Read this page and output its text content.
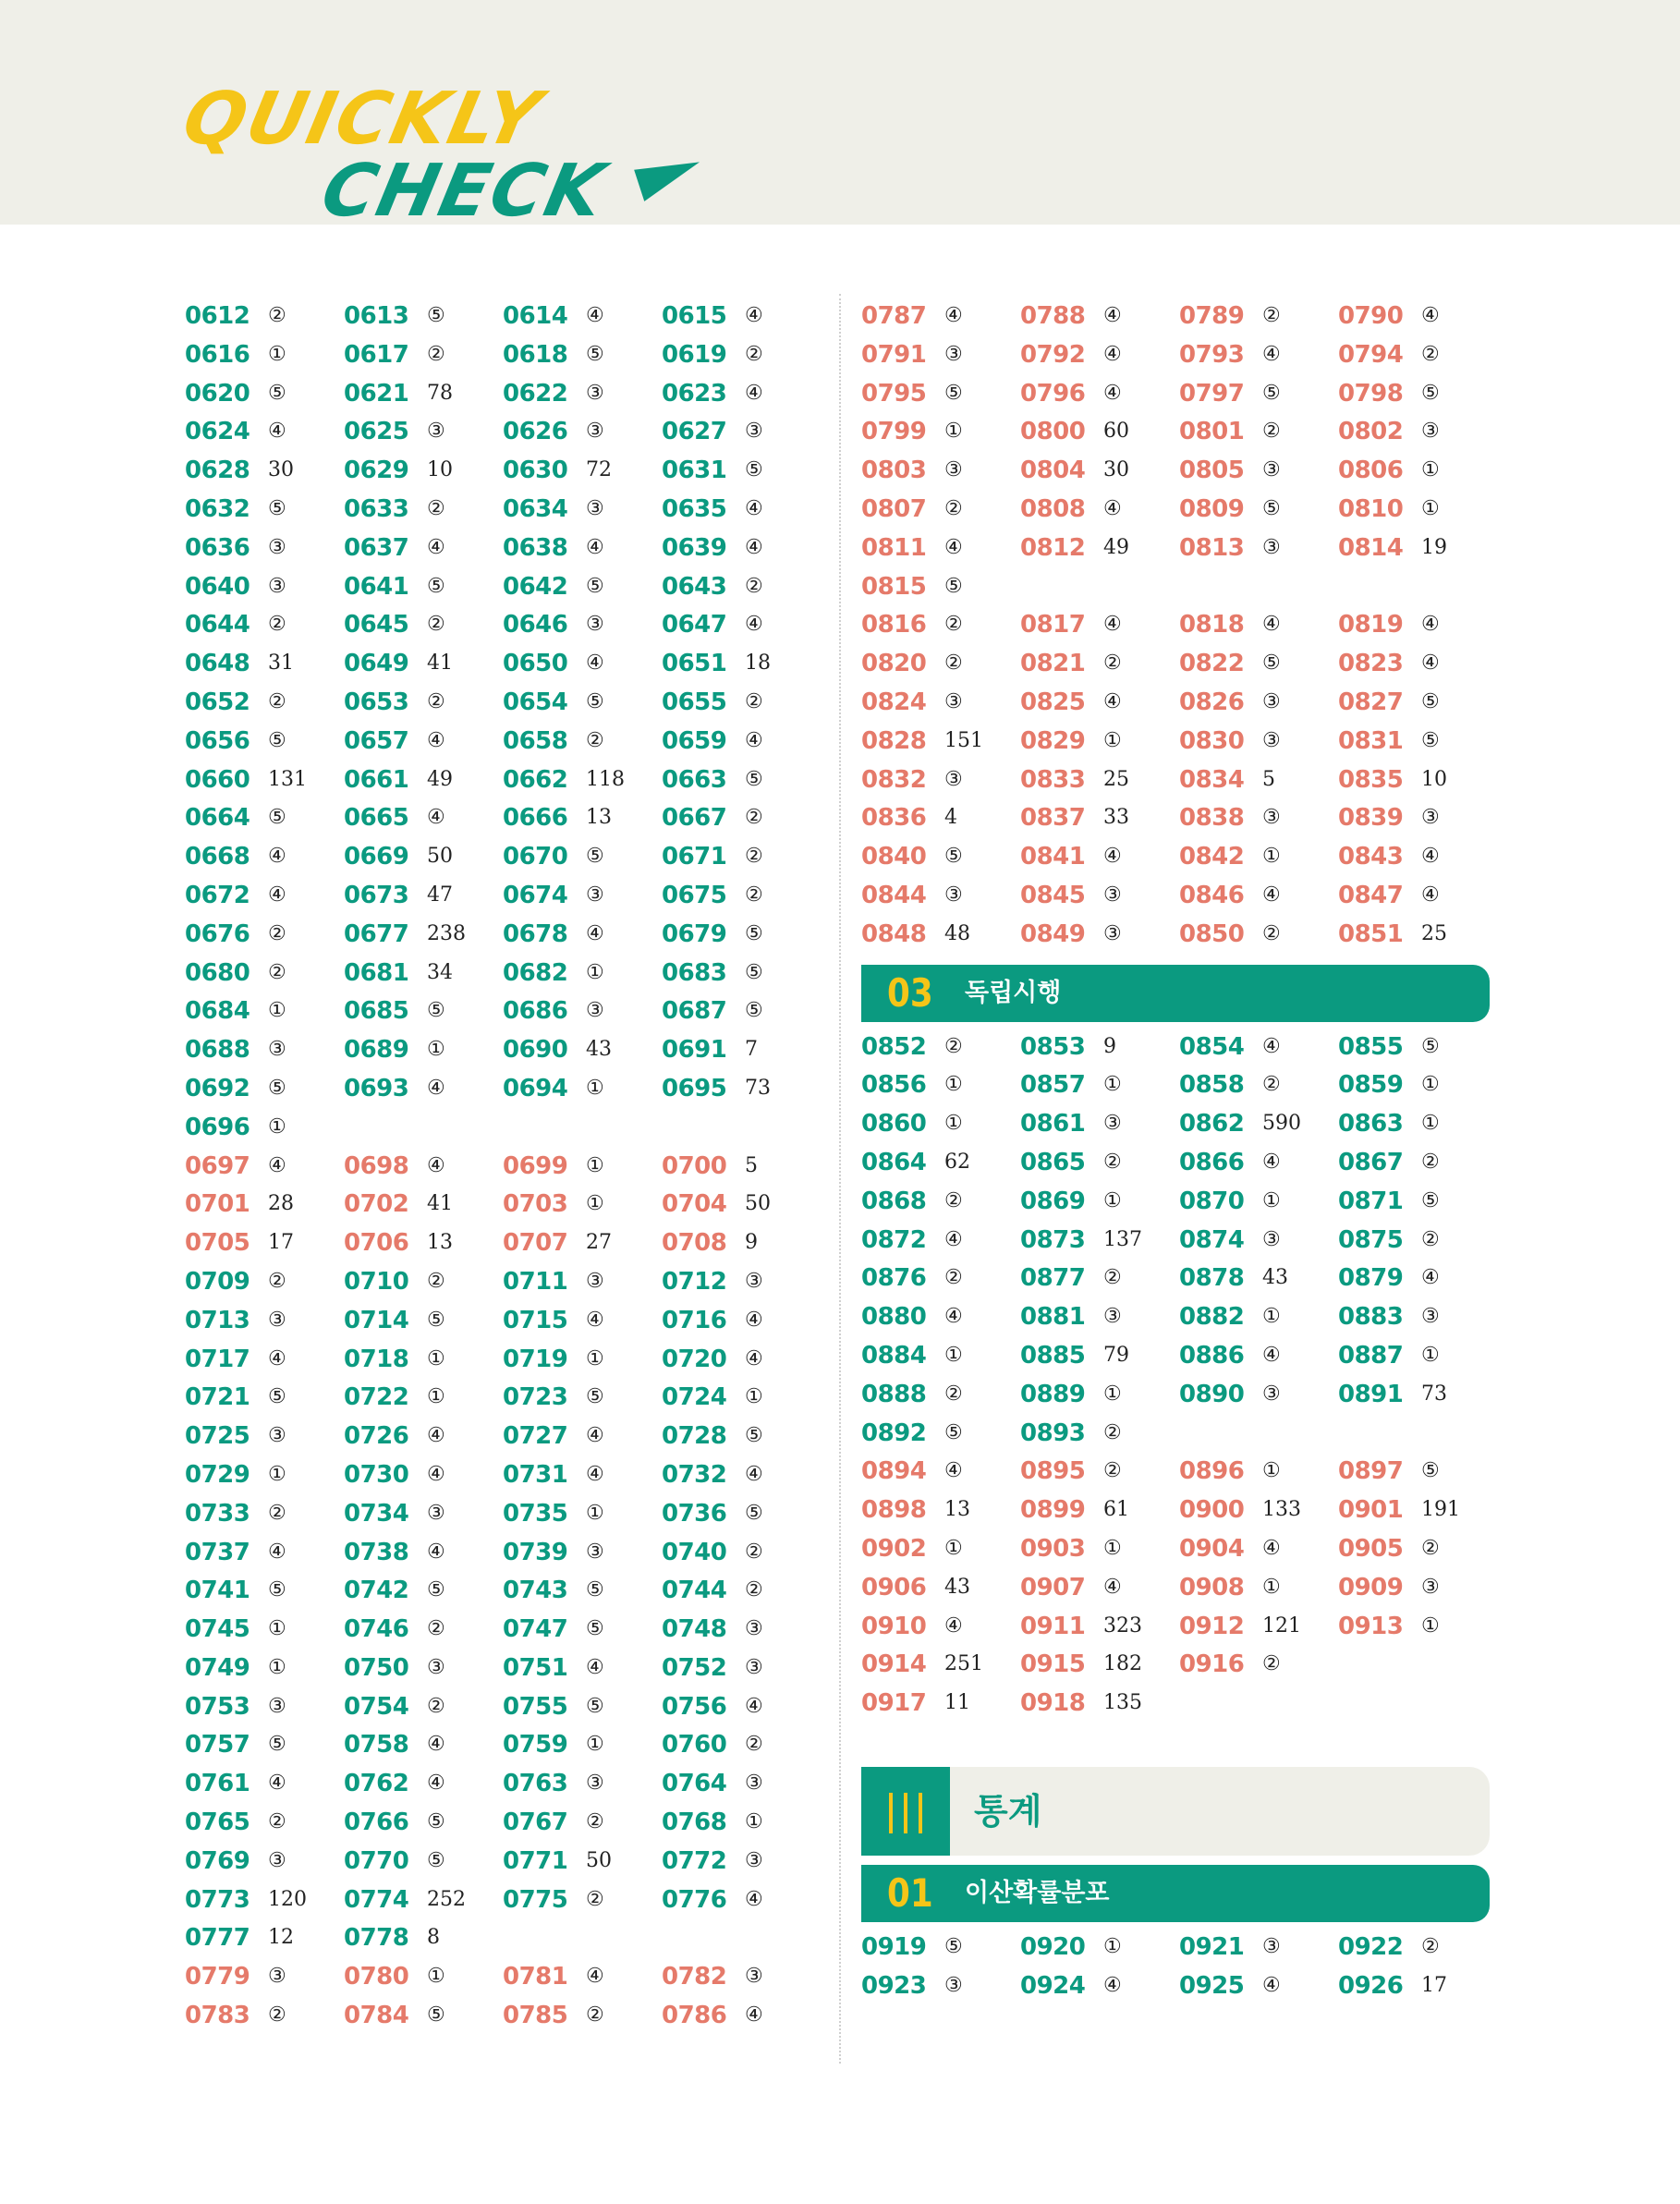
QUICKLY
CHECK
0612 ② 0613 ⑤ 0614 ④ 0615 ④
0616 ① 0617 ② 0618 ⑤ 0619 ②
0620 ⑤ 0621 78 0622 ③ 0623 ④
0624 ④ 0625 ③ 0626 ③ 0627 ③
0628 30 0629 10 0630 72 0631 ⑤
0632 ⑤ 0633 ② 0634 ③ 0635 ④
0636 ③ 0637 ④ 0638 ④ 0639 ④
0640 ③ 0641 ⑤ 0642 ⑤ 0643 ②
0644 ② 0645 ② 0646 ③ 0647 ④
0648 31 0649 41 0650 ④ 0651 18
0652 ② 0653 ② 0654 ⑤ 0655 ②
0656 ⑤ 0657 ④ 0658 ② 0659 ④
0660 131 0661 49 0662 118 0663 ⑤
0664 ⑤ 0665 ④ 0666 13 0667 ②
0668 ④ 0669 50 0670 ⑤ 0671 ②
0672 ④ 0673 47 0674 ③ 0675 ②
0676 ② 0677 238 0678 ④ 0679 ⑤
0680 ② 0681 34 0682 ① 0683 ⑤
0684 ① 0685 ⑤ 0686 ③ 0687 ⑤
0688 ③ 0689 ① 0690 43 0691 7
0692 ⑤ 0693 ④ 0694 ① 0695 73
0696 ①
0697 ④ 0698 ④ 0699 ① 0700 5
0701 28 0702 41 0703 ① 0704 50
0705 17 0706 13 0707 27 0708 9
0709 ② 0710 ② 0711 ③ 0712 ③
0713 ③ 0714 ⑤ 0715 ④ 0716 ④
0717 ④ 0718 ① 0719 ① 0720 ④
0721 ⑤ 0722 ① 0723 ⑤ 0724 ①
0725 ③ 0726 ④ 0727 ④ 0728 ⑤
0729 ① 0730 ④ 0731 ④ 0732 ④
0733 ② 0734 ③ 0735 ① 0736 ⑤
0737 ④ 0738 ④ 0739 ③ 0740 ②
0741 ⑤ 0742 ⑤ 0743 ⑤ 0744 ②
0745 ① 0746 ② 0747 ⑤ 0748 ③
0749 ① 0750 ③ 0751 ④ 0752 ③
0753 ③ 0754 ② 0755 ⑤ 0756 ④
0757 ⑤ 0758 ④ 0759 ① 0760 ②
0761 ④ 0762 ④ 0763 ③ 0764 ③
0765 ② 0766 ⑤ 0767 ② 0768 ①
0769 ③ 0770 ⑤ 0771 50 0772 ③
0773 120 0774 252 0775 ② 0776 ④
0777 12 0778 8
0779 ③ 0780 ① 0781 ④ 0782 ③
0783 ② 0784 ⑤ 0785 ② 0786 ④
0787 ④ 0788 ④ 0789 ② 0790 ④
0791 ③ 0792 ④ 0793 ④ 0794 ②
0795 ⑤ 0796 ④ 0797 ⑤ 0798 ⑤
0799 ① 0800 60 0801 ② 0802 ③
0803 ③ 0804 30 0805 ③ 0806 ①
0807 ② 0808 ④ 0809 ⑤ 0810 ①
0811 ④ 0812 49 0813 ③ 0814 19
0815 ⑤
0816 ② 0817 ④ 0818 ④ 0819 ④
0820 ② 0821 ② 0822 ⑤ 0823 ④
0824 ③ 0825 ④ 0826 ③ 0827 ⑤
0828 151 0829 ① 0830 ③ 0831 ⑤
0832 ③ 0833 25 0834 5	0835 10
0836 4	0837 33 0838 ③ 0839 ③
0840 ⑤ 0841 ④ 0842 ① 0843 ④
0844 ③ 0845 ③ 0846 ④ 0847 ④
0848 48 0849 ③ 0850 ② 0851 25
03 독립시행
0852 ② 0853 9	0854 ④ 0855 ⑤
0856 ① 0857 ① 0858 ② 0859 ①
0860 ① 0861 ③ 0862 590 0863 ①
0864 62 0865 ② 0866 ④ 0867 ②
0868 ② 0869 ① 0870 ① 0871 ⑤
0872 ④ 0873 137 0874 ③ 0875 ②
0876 ② 0877 ② 0878 43 0879 ④
0880 ④ 0881 ③ 0882 ① 0883 ③
0884 ① 0885 79 0886 ④ 0887 ①
0888 ② 0889 ① 0890 ③ 0891 73
0892 ⑤ 0893 ②
0894 ④ 0895 ② 0896 ① 0897 ⑤
0898 13 0899 61 0900 133 0901 191
0902 ① 0903 ① 0904 ④ 0905 ②
0906 43 0907 ④ 0908 ① 0909 ③
0910 ④ 0911 323 0912 121 0913 ①
0914 251 0915 182 0916 ②
0917 11 0918 135
통계
01 이산확률분포
0919 ⑤ 0920 ① 0921 ③ 0922 ②
0923 ③ 0924 ④ 0925 ④ 0926 17
